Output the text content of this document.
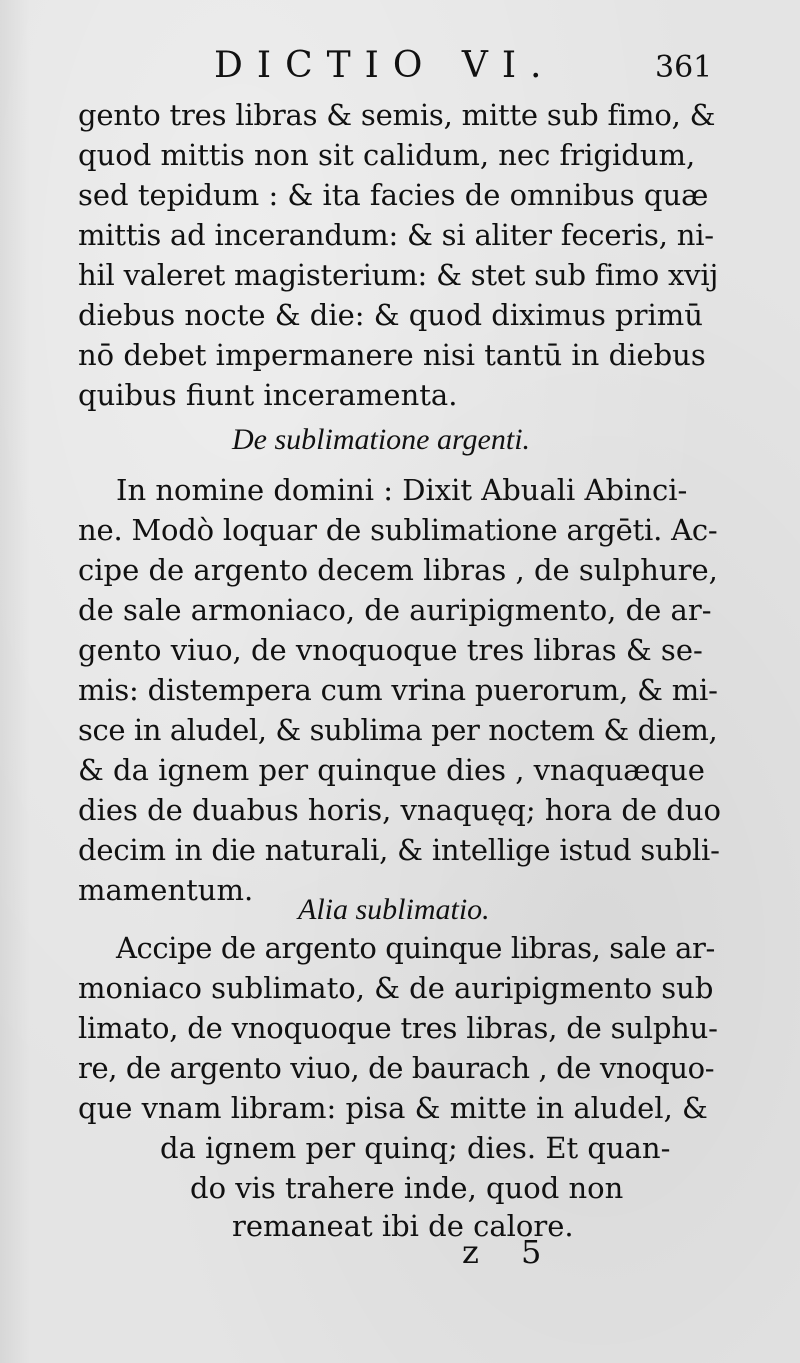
DICTIO VI.	361
gento tres libras & semis, mitte sub fimo, &
quod mittis non sit calidum, nec frigidum,
sed tepidum : & ita facies de omnibus quæ
mittis ad incerandum: & si aliter feceris, ni-
hil valeret magisterium: & stet sub fimo xvij
diebus nocte & die: & quod diximus primū
nō debet impermanere nisi tantū in diebus
quibus fiunt inceramenta.
De sublimatione argenti.
In nomine domini : Dixit Abuali Abinci-
ne. Modò loquar de sublimatione argēti. Ac-
cipe de argento decem libras , de sulphure,
de sale armoniaco, de auripigmento, de ar-
gento viuo, de vnoquoque tres libras & se-
mis: distempera cum vrina puerorum, & mi-
sce in aludel, & sublima per noctem & diem,
& da ignem per quinque dies , vnaquæque
dies de duabus horis, vnaquęq; hora de duo
decim in die naturali, & intellige istud subli-
mamentum.
Alia sublimatio.
Accipe de argento quinque libras, sale ar-
moniaco sublimato, & de auripigmento sub
limato, de vnoquoque tres libras, de sulphu-
re, de argento viuo, de baurach , de vnoquo-
que vnam libram: pisa & mitte in aludel, &
da ignem per quinq; dies. Et quan-
do vis trahere inde, quod non
remaneat ibi de calore.
z 5
